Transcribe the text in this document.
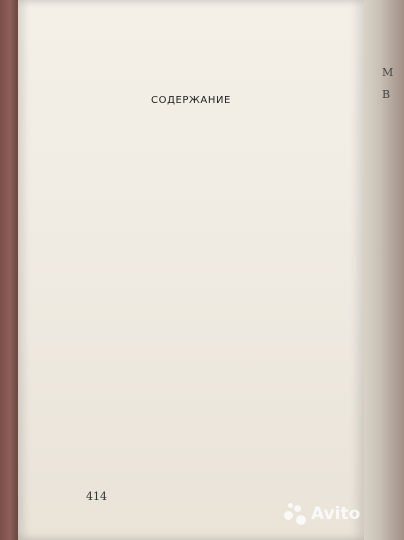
СОДЕРЖАНИЕ
414
М
В
Avito
